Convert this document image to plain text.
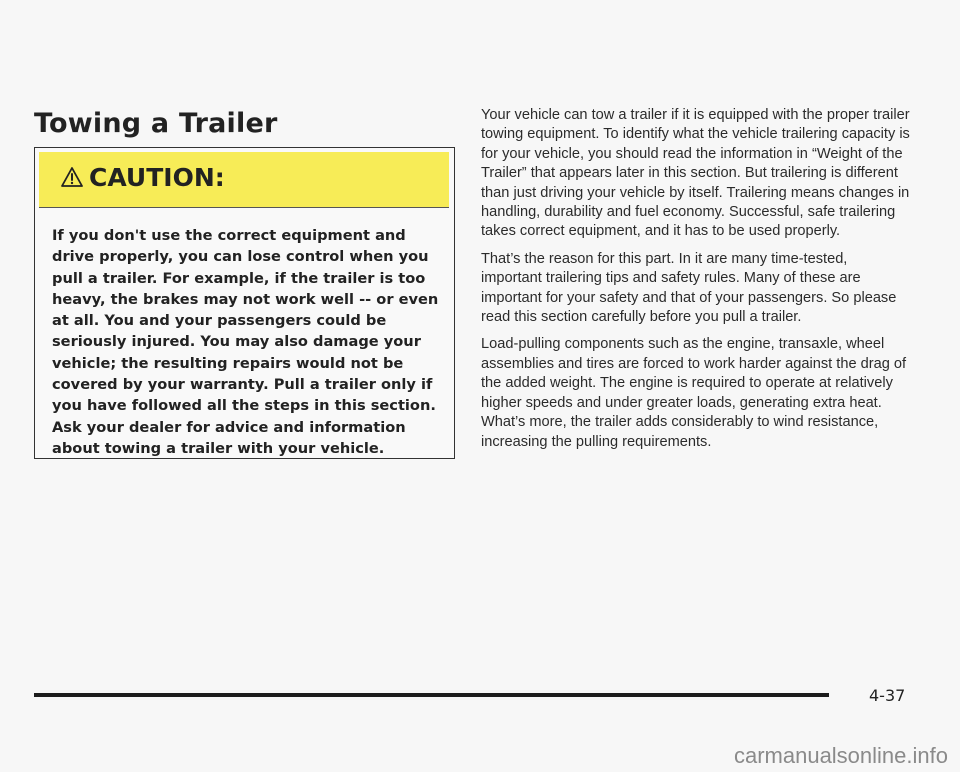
Towing a Trailer
CAUTION:

If you don't use the correct equipment and drive properly, you can lose control when you pull a trailer. For example, if the trailer is too heavy, the brakes may not work well -- or even at all. You and your passengers could be seriously injured. You may also damage your vehicle; the resulting repairs would not be covered by your warranty. Pull a trailer only if you have followed all the steps in this section. Ask your dealer for advice and information about towing a trailer with your vehicle.

Your vehicle can tow a trailer if it is equipped with the proper trailer towing equipment. To identify what the vehicle trailering capacity is for your vehicle, you should read the information in “Weight of the Trailer” that appears later in this section. But trailering is different than just driving your vehicle by itself. Trailering means changes in handling, durability and fuel economy. Successful, safe trailering takes correct equipment, and it has to be used properly.

That’s the reason for this part. In it are many time-tested, important trailering tips and safety rules. Many of these are important for your safety and that of your passengers. So please read this section carefully before you pull a trailer.

Load-pulling components such as the engine, transaxle, wheel assemblies and tires are forced to work harder against the drag of the added weight. The engine is required to operate at relatively higher speeds and under greater loads, generating extra heat. What’s more, the trailer adds considerably to wind resistance, increasing the pulling requirements.

4-37
carmanualsonline.info
